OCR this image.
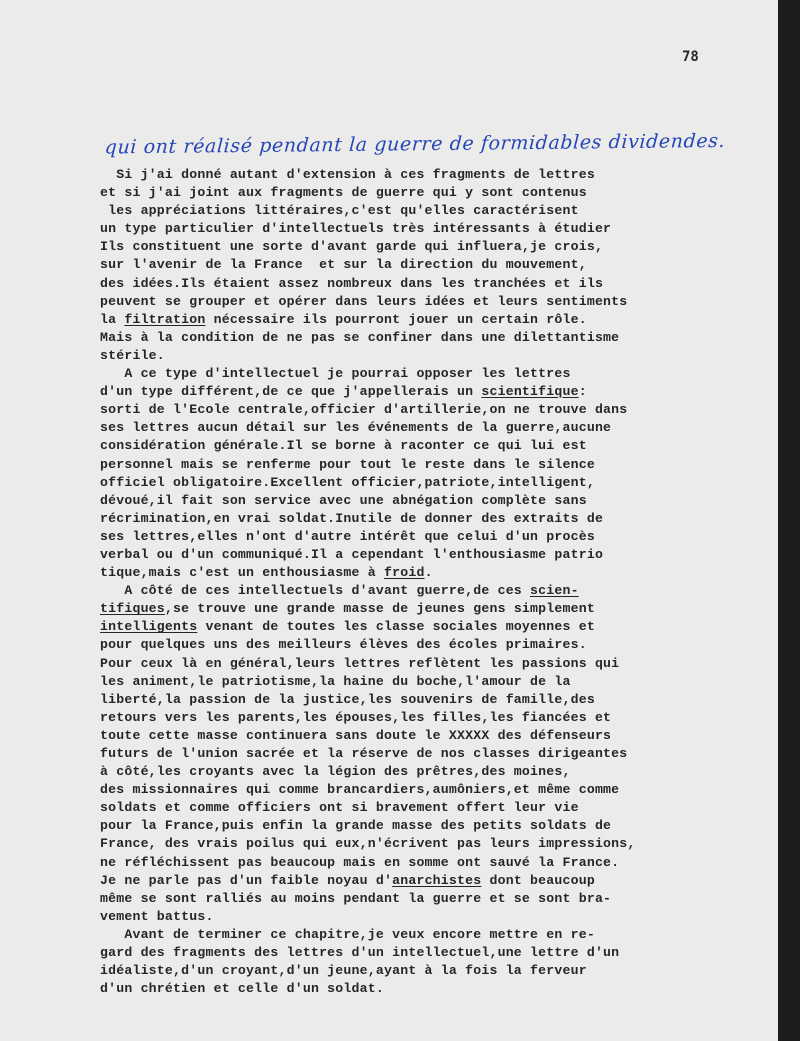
78
qui ont réalisé pendant la guerre de formidables dividendes.
Si j'ai donné autant d'extension à ces fragments de lettres
et si j'ai joint aux fragments de guerre qui y sont contenus
les appréciations littéraires,c'est qu'elles caractérisent
un type particulier d'intellectuels très intéressants à étudier
Ils constituent une sorte d'avant garde qui influera,je crois,
sur l'avenir de la France  et sur la direction du mouvement,
des idées.Ils étaient assez nombreux dans les tranchées et ils
peuvent se grouper et opérer dans leurs idées et leurs sentiments
la filtration nécessaire ils pourront jouer un certain rôle.
Mais à la condition de ne pas se confiner dans une dilettantisme
stérile.
A ce type d'intellectuel je pourrai opposer les lettres
d'un type différent,de ce que j'appellerais un scientifique:
sorti de l'Ecole centrale,officier d'artillerie,on ne trouve dans
ses lettres aucun détail sur les événements de la guerre,aucune
considération générale.Il se borne à raconter ce qui lui est
personnel mais se renferme pour tout le reste dans le silence
officiel obligatoire.Excellent officier,patriote,intelligent,
dévoué,il fait son service avec une abnégation complète sans
récrimination,en vrai soldat.Inutile de donner des extraits de
ses lettres,elles n'ont d'autre intérêt que celui d'un procès
verbal ou d'un communiqué.Il a cependant l'enthousiasme patrio
tique,mais c'est un enthousiasme à froid.
A côté de ces intellectuels d'avant guerre,de ces scien-
tifiques,se trouve une grande masse de jeunes gens simplement
intelligents venant de toutes les classe sociales moyennes et
pour quelques uns des meilleurs élèves des écoles primaires.
Pour ceux là en général,leurs lettres reflètent les passions qui
les animent,le patriotisme,la haine du boche,l'amour de la
liberté,la passion de la justice,les souvenirs de famille,des
retours vers les parents,les épouses,les filles,les fiancées et
toute cette masse continuera sans doute le XXXXX des défenseurs
futurs de l'union sacrée et la réserve de nos classes dirigeantes
à côté,les croyants avec la légion des prêtres,des moines,
des missionnaires qui comme brancardiers,aumôniers,et même comme
soldats et comme officiers ont si bravement offert leur vie
pour la France,puis enfin la grande masse des petits soldats de
France, des vrais poilus qui eux,n'écrivent pas leurs impressions,
ne réfléchissent pas beaucoup mais en somme ont sauvé la France.
Je ne parle pas d'un faible noyau d'anarchistes dont beaucoup
même se sont ralliés au moins pendant la guerre et se sont bra-
vement battus.
Avant de terminer ce chapitre,je veux encore mettre en re-
gard des fragments des lettres d'un intellectuel,une lettre d'un
idéaliste,d'un croyant,d'un jeune,ayant à la fois la ferveur
d'un chrétien et celle d'un soldat.
